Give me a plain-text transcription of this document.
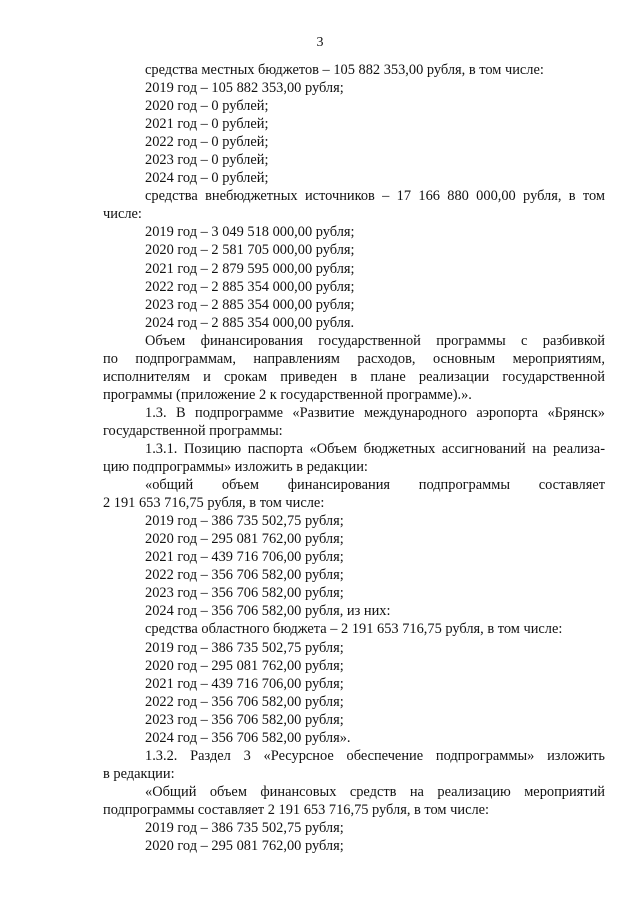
3
средства местных бюджетов – 105 882 353,00 рубля, в том числе:
2019 год – 105 882 353,00 рубля;
2020 год – 0 рублей;
2021 год – 0 рублей;
2022 год – 0 рублей;
2023 год – 0 рублей;
2024 год – 0 рублей;
средства внебюджетных источников – 17 166 880 000,00 рубля, в том
числе:
2019 год – 3 049 518 000,00 рубля;
2020 год – 2 581 705 000,00 рубля;
2021 год – 2 879 595 000,00 рубля;
2022 год – 2 885 354 000,00 рубля;
2023 год – 2 885 354 000,00 рубля;
2024 год – 2 885 354 000,00 рубля.
Объем финансирования государственной программы с разбивкой
по подпрограммам, направлениям расходов, основным мероприятиям,
исполнителям и срокам приведен в плане реализации государственной
программы (приложение 2 к государственной программе).».
1.3. В подпрограмме «Развитие международного аэропорта «Брянск»
государственной программы:
1.3.1. Позицию паспорта «Объем бюджетных ассигнований на реализа-
цию подпрограммы» изложить в редакции:
«общий объем финансирования подпрограммы составляет
2 191 653 716,75 рубля, в том числе:
2019 год – 386 735 502,75 рубля;
2020 год – 295 081 762,00 рубля;
2021 год – 439 716 706,00 рубля;
2022 год – 356 706 582,00 рубля;
2023 год – 356 706 582,00 рубля;
2024 год – 356 706 582,00 рубля, из них:
средства областного бюджета – 2 191 653 716,75 рубля, в том числе:
2019 год – 386 735 502,75 рубля;
2020 год – 295 081 762,00 рубля;
2021 год – 439 716 706,00 рубля;
2022 год – 356 706 582,00 рубля;
2023 год – 356 706 582,00 рубля;
2024 год – 356 706 582,00 рубля».
1.3.2. Раздел 3 «Ресурсное обеспечение подпрограммы» изложить
в редакции:
«Общий объем финансовых средств на реализацию мероприятий
подпрограммы составляет 2 191 653 716,75 рубля, в том числе:
2019 год – 386 735 502,75 рубля;
2020 год – 295 081 762,00 рубля;
